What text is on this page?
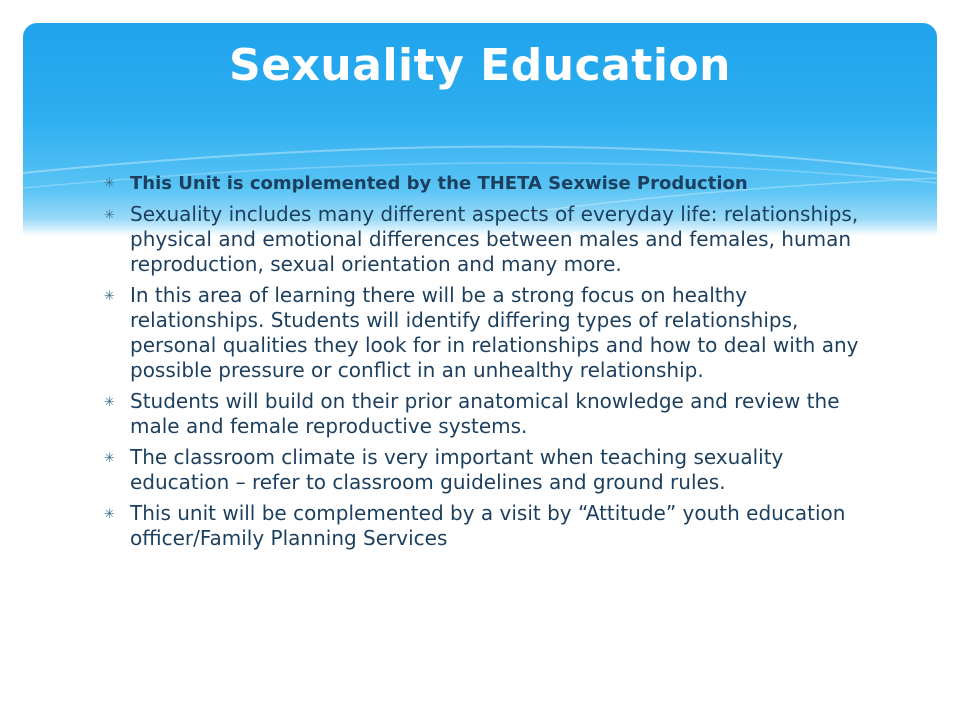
Sexuality Education
✳ This Unit is complemented by the THETA Sexwise Production
✳ Sexuality includes many different aspects of everyday life: relationships, physical and emotional differences between males and females, human reproduction, sexual orientation and many more.
✳ In this area of learning there will be a strong focus on healthy relationships. Students will identify differing types of relationships, personal qualities they look for in relationships and how to deal with any possible pressure or conflict in an unhealthy relationship.
✳ Students will build on their prior anatomical knowledge and review the male and female reproductive systems.
✳ The classroom climate is very important when teaching sexuality education – refer to classroom guidelines and ground rules.
✳ This unit will be complemented by a visit by “Attitude” youth education officer/Family Planning Services
